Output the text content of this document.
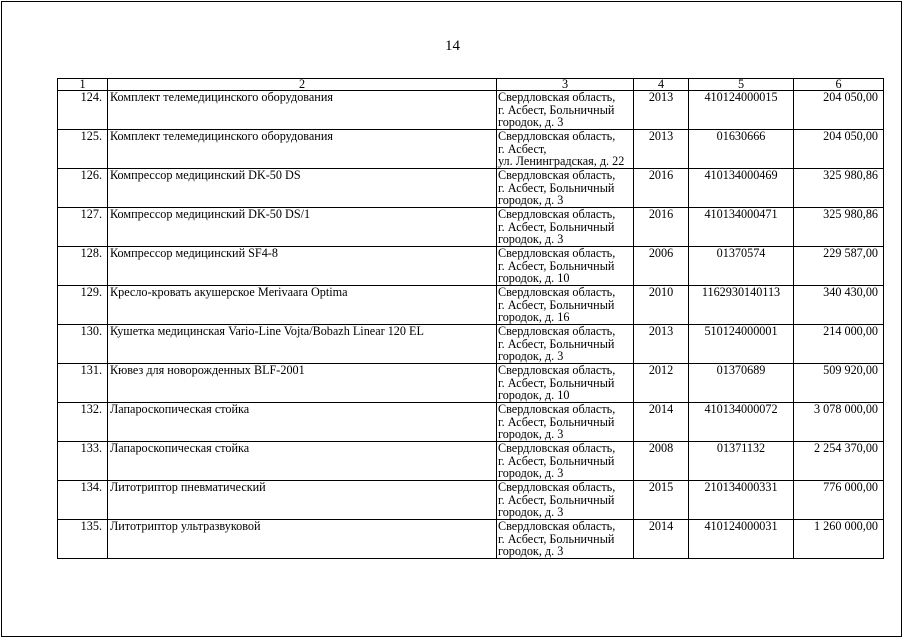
14
1	2	3	4	5	6
124.	Комплект телемедицинского оборудования	Свердловская область,
г. Асбест, Больничный
городок, д. 3	2013	410124000015	204 050,00
125.	Комплект телемедицинского оборудования	Свердловская область,
г. Асбест,
ул. Ленинградская, д. 22	2013	01630666	204 050,00
126.	Компрессор медицинский DK-50 DS	Свердловская область,
г. Асбест, Больничный
городок, д. 3	2016	410134000469	325 980,86
127.	Компрессор медицинский DK-50 DS/1	Свердловская область,
г. Асбест, Больничный
городок, д. 3	2016	410134000471	325 980,86
128.	Компрессор медицинский SF4-8	Свердловская область,
г. Асбест, Больничный
городок, д. 10	2006	01370574	229 587,00
129.	Кресло-кровать акушерское Merivaara Optima	Свердловская область,
г. Асбест, Больничный
городок, д. 16	2010	1162930140113	340 430,00
130.	Кушетка медицинская Vario-Line Vojta/Bobazh Linear 120 EL	Свердловская область,
г. Асбест, Больничный
городок, д. 3	2013	510124000001	214 000,00
131.	Кювез для новорожденных BLF-2001	Свердловская область,
г. Асбест, Больничный
городок, д. 10	2012	01370689	509 920,00
132.	Лапароскопическая стойка	Свердловская область,
г. Асбест, Больничный
городок, д. 3	2014	410134000072	3 078 000,00
133.	Лапароскопическая стойка	Свердловская область,
г. Асбест, Больничный
городок, д. 3	2008	01371132	2 254 370,00
134.	Литотриптор пневматический	Свердловская область,
г. Асбест, Больничный
городок, д. 3	2015	210134000331	776 000,00
135.	Литотриптор ультразвуковой	Свердловская область,
г. Асбест, Больничный
городок, д. 3	2014	410124000031	1 260 000,00
